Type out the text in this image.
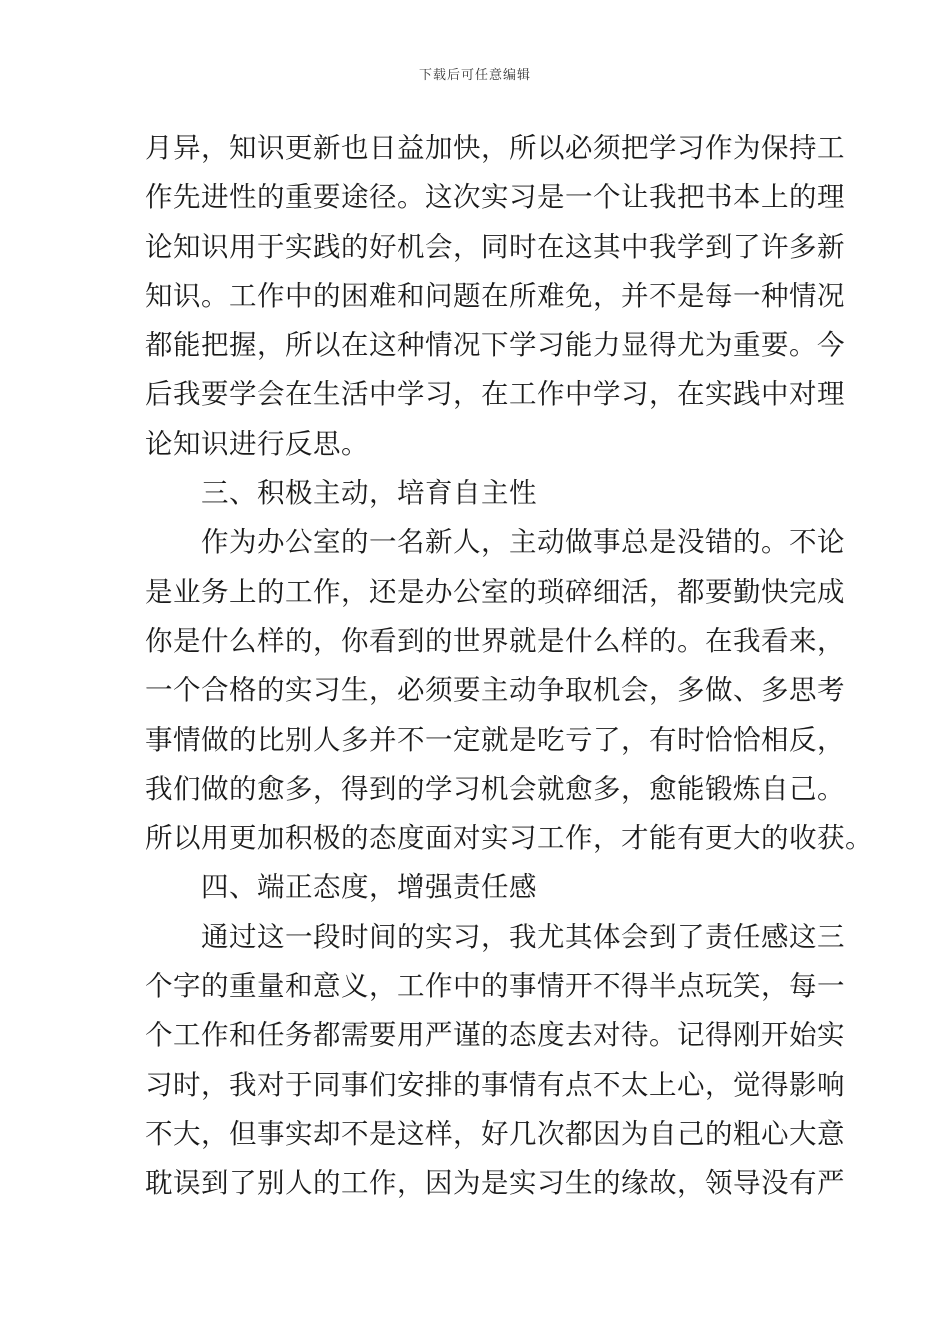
下载后可任意编辑
月异，知识更新也日益加快，所以必须把学习作为保持工
作先进性的重要途径。这次实习是一个让我把书本上的理
论知识用于实践的好机会，同时在这其中我学到了许多新
知识。工作中的困难和问题在所难免，并不是每一种情况
都能把握，所以在这种情况下学习能力显得尤为重要。今
后我要学会在生活中学习，在工作中学习，在实践中对理
论知识进行反思。
三、积极主动，培育自主性
作为办公室的一名新人，主动做事总是没错的。不论
是业务上的工作，还是办公室的琐碎细活，都要勤快完成
你是什么样的，你看到的世界就是什么样的。在我看来，
一个合格的实习生，必须要主动争取机会，多做、多思考
事情做的比别人多并不一定就是吃亏了，有时恰恰相反，
我们做的愈多，得到的学习机会就愈多，愈能锻炼自己。
所以用更加积极的态度面对实习工作，才能有更大的收获。
四、端正态度，增强责任感
通过这一段时间的实习，我尤其体会到了责任感这三
个字的重量和意义，工作中的事情开不得半点玩笑，每一
个工作和任务都需要用严谨的态度去对待。记得刚开始实
习时，我对于同事们安排的事情有点不太上心，觉得影响
不大，但事实却不是这样，好几次都因为自己的粗心大意
耽误到了别人的工作，因为是实习生的缘故，领导没有严
